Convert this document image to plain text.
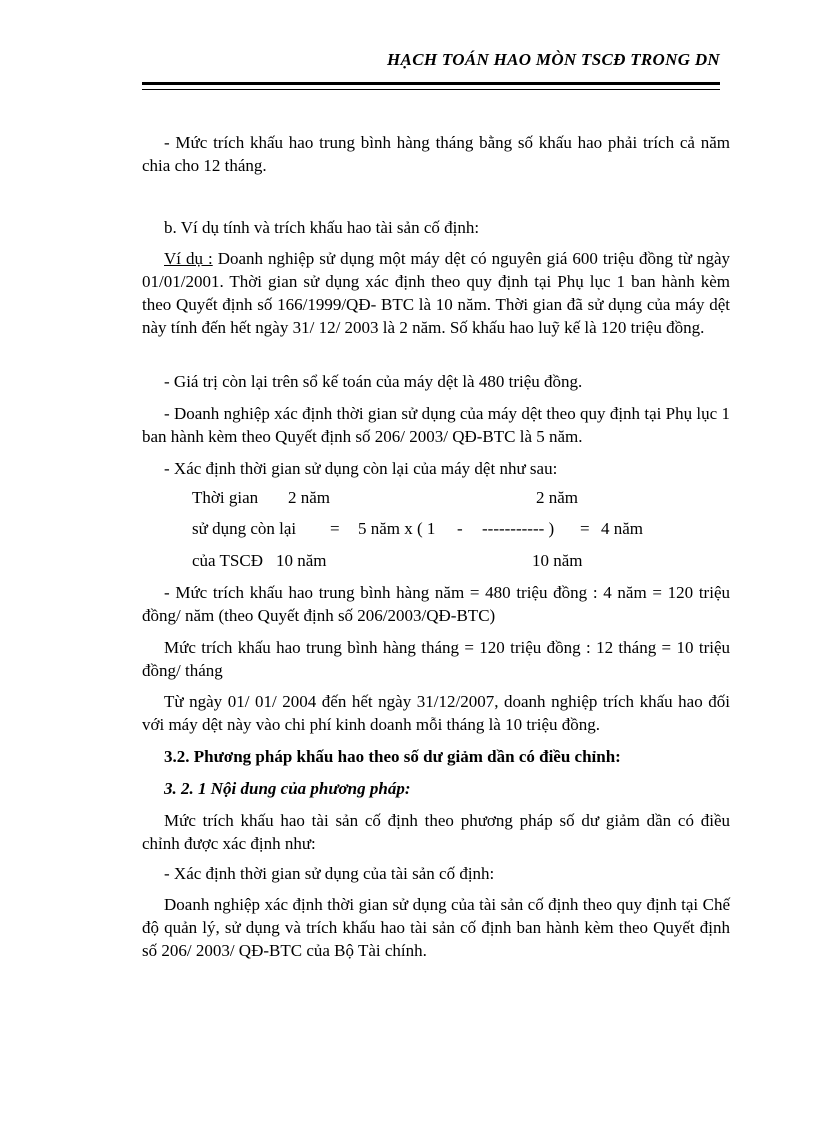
HẠCH TOÁN HAO MÒN TSCĐ TRONG DN

- Mức trích khấu hao trung bình hàng tháng bằng số khấu hao phải trích cả năm chia cho 12 tháng.

b. Ví dụ tính và trích khấu hao tài sản cố định:

Ví dụ : Doanh nghiệp sử dụng một máy dệt có nguyên giá 600 triệu đồng từ ngày 01/01/2001. Thời gian sử dụng xác định theo quy định tại Phụ lục 1 ban hành kèm theo Quyết định số 166/1999/QĐ- BTC là 10 năm. Thời gian đã sử dụng của máy dệt này tính đến hết ngày 31/ 12/ 2003 là 2 năm. Số khấu hao luỹ kế là 120 triệu đồng.

- Giá trị còn lại trên sổ kế toán của máy dệt là 480 triệu đồng.

- Doanh nghiệp xác định thời gian sử dụng của máy dệt theo quy định tại Phụ lục 1 ban hành kèm theo Quyết định số 206/ 2003/ QĐ-BTC là 5 năm.

- Xác định thời gian sử dụng còn lại của máy dệt như sau:

Thời gian 2 năm	2 năm
sử dụng còn lại = 5 năm x ( 1 - ----------- ) = 4 năm
của TSCĐ 10 năm	10 năm

- Mức trích khấu hao trung bình hàng năm = 480 triệu đồng : 4 năm = 120 triệu đồng/ năm (theo Quyết định số 206/2003/QĐ-BTC)

Mức trích khấu hao trung bình hàng tháng = 120 triệu đồng : 12 tháng = 10 triệu đồng/ tháng

Từ ngày 01/ 01/ 2004 đến hết ngày 31/12/2007, doanh nghiệp trích khấu hao đối với máy dệt này vào chi phí kinh doanh mỗi tháng là 10 triệu đồng.

3.2. Phương pháp khấu hao theo số dư giảm dần có điều chỉnh:

3. 2. 1 Nội dung của phương pháp:

Mức trích khấu hao tài sản cố định theo phương pháp số dư giảm dần có điều chỉnh được xác định như:

- Xác định thời gian sử dụng của tài sản cố định:

Doanh nghiệp xác định thời gian sử dụng của tài sản cố định theo quy định tại Chế độ quản lý, sử dụng và trích khấu hao tài sản cố định ban hành kèm theo Quyết định số 206/ 2003/ QĐ-BTC của Bộ Tài chính.
